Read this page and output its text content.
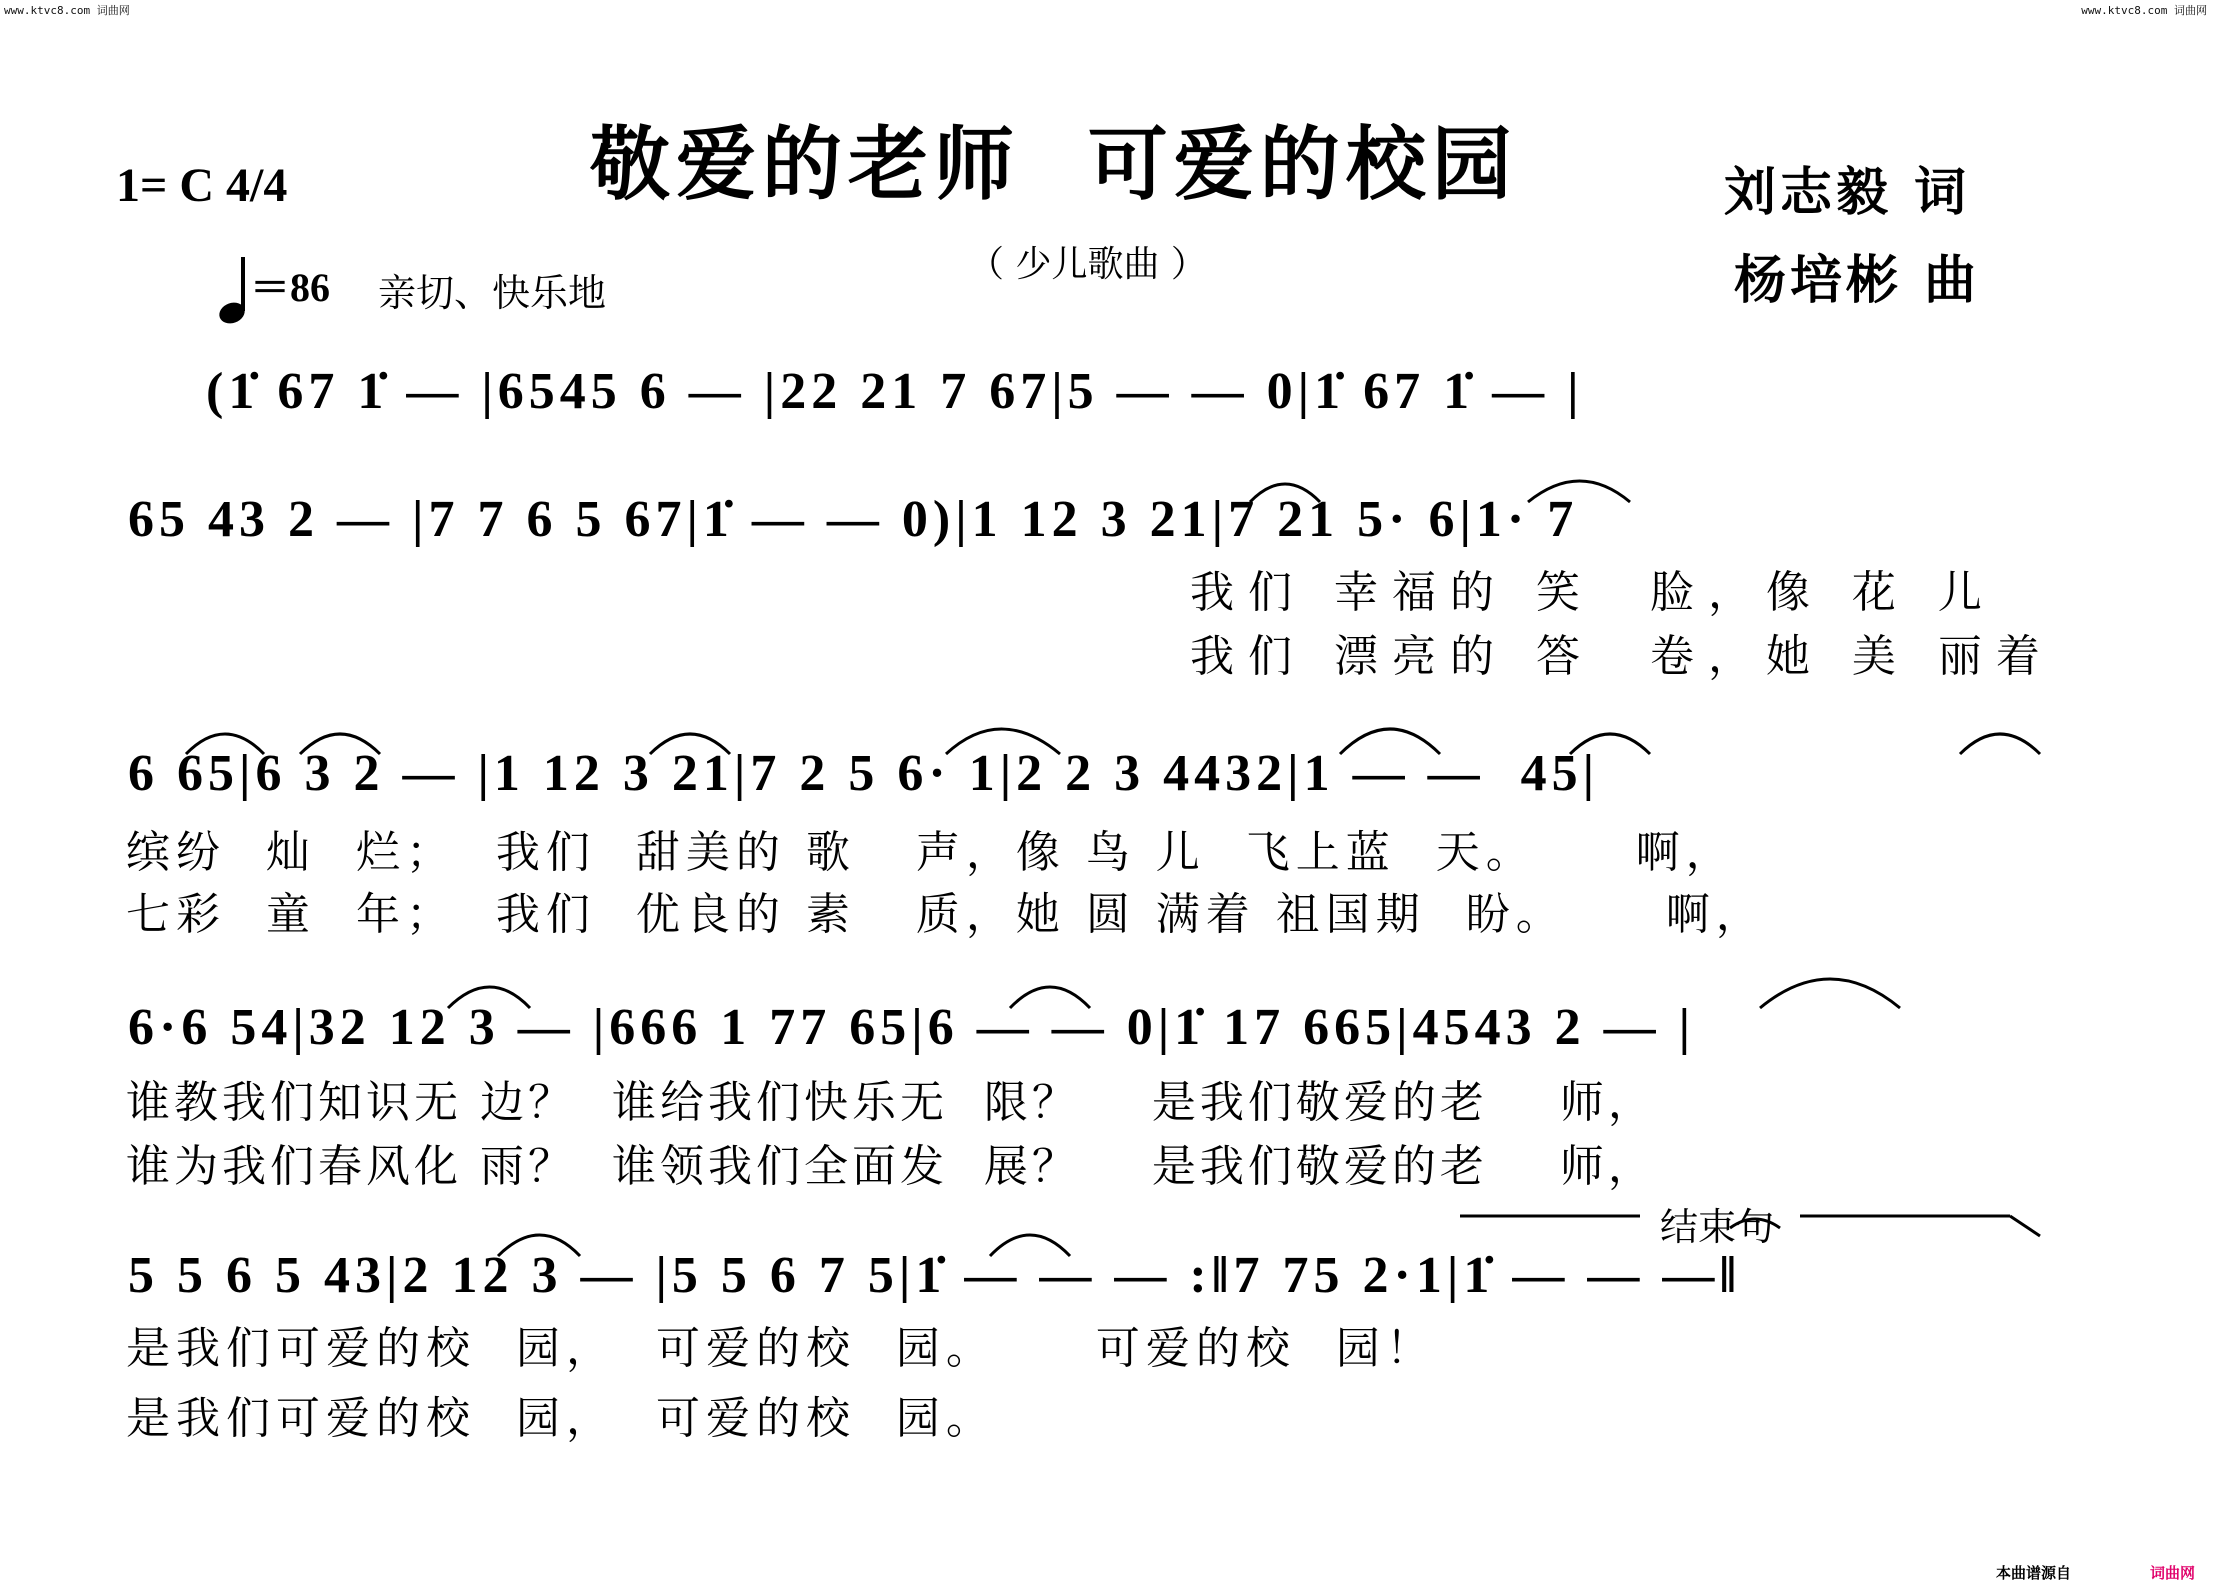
www.ktvc8.com 词曲网	www.ktvc8.com 词曲网
敬爱的老师  可爱的校园
1= C 4/4
（ 少儿歌曲 ）
刘志毅 词
杨培彬 曲

＝86 亲切、快乐地
(1̇ 67 1̇ — |6545 6 — |22 21 7 67|5 — — 0|1̇ 67 1̇ — |
65 43 2 — |7 7 6 5 67|1̇ — — 0)|1 12 3 21|7 21 5· 6|1· 7
我们 幸福的 笑  脸，像 花 儿
我们 漂亮的 答  卷，她 美 丽着
6 65|6 3 2 — |1 12 3 21|7 2 5 6· 1|2 2 3 4432|1 — —  45|
缤纷  灿  烂；  我们  甜美的 歌   声，像 鸟 儿  飞上蓝  天。     啊，
七彩  童  年；  我们  优良的 素   质，她 圆 满着 祖国期  盼。     啊，
6·6 54|32 12 3 — |666 1 77 65|6 — — 0|1̇ 17 665|4543 2 — |
谁教我们知识无 边？  谁给我们快乐无  限？    是我们敬爱的老    师，
谁为我们春风化 雨？  谁领我们全面发  展？    是我们敬爱的老    师，
结束句
5 5 6 5 43|2 12 3 — |5 5 6 7 5|1̇ — — — :‖7 75 2·1|1̇ — — —‖
是我们可爱的校  园，  可爱的校  园。     可爱的校  园！
是我们可爱的校  园，  可爱的校  园。
本曲谱源自	词曲网
